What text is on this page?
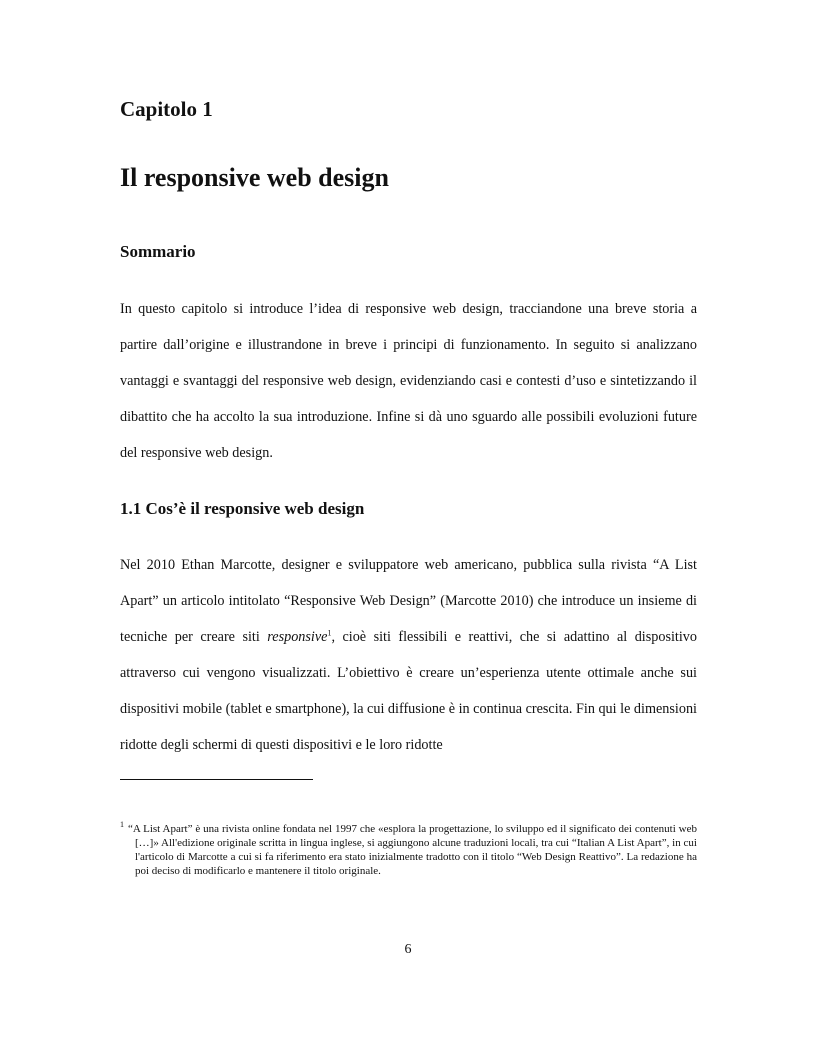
Capitolo 1
Il responsive web design
Sommario

In questo capitolo si introduce l’idea di responsive web design, tracciandone una breve storia a partire dall’origine e illustrandone in breve i principi di funzionamento. In seguito si analizzano vantaggi e svantaggi del responsive web design, evidenziando casi e contesti d’uso e sintetizzando il dibattito che ha accolto la sua introduzione. Infine si dà uno sguardo alle possibili evoluzioni future del responsive web design.

1.1 Cos’è il responsive web design

Nel 2010 Ethan Marcotte, designer e sviluppatore web americano, pubblica sulla rivista “A List Apart” un articolo intitolato “Responsive Web Design” (Marcotte 2010) che introduce un insieme di tecniche per creare siti responsive$^1$, cioè siti flessibili e reattivi, che si adattino al dispositivo attraverso cui vengono visualizzati. L’obiettivo è creare un’esperienza utente ottimale anche sui dispositivi mobile (tablet e smartphone), la cui diffusione è in continua crescita. Fin qui le dimensioni ridotte degli schermi di questi dispositivi e le loro ridotte

$^1$ “A List Apart” è una rivista online fondata nel 1997 che «esplora la progettazione, lo sviluppo ed il significato dei contenuti web […]» All'edizione originale scritta in lingua inglese, si aggiungono alcune traduzioni locali, tra cui “Italian A List Apart”, in cui l'articolo di Marcotte a cui si fa riferimento era stato inizialmente tradotto con il titolo “Web Design Reattivo”. La redazione ha poi deciso di modificarlo e mantenere il titolo originale.

6
